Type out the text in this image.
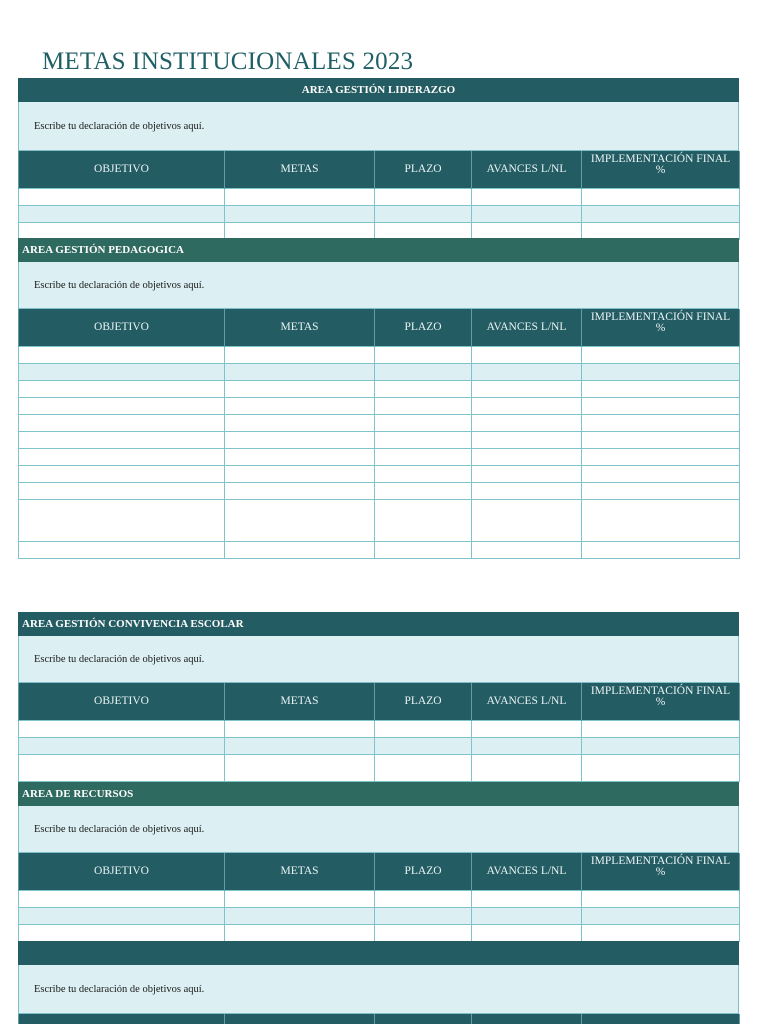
METAS INSTITUCIONALES 2023
AREA GESTIÓN LIDERAZGO
Escribe tu declaración de objetivos aquí.
OBJETIVO	METAS	PLAZO	AVANCES L/NL	IMPLEMENTACIÓN FINAL
%

AREA GESTIÓN PEDAGOGICA
Escribe tu declaración de objetivos aquí.
OBJETIVO	METAS	PLAZO	AVANCES L/NL	IMPLEMENTACIÓN FINAL
%

AREA GESTIÓN CONVIVENCIA ESCOLAR
Escribe tu declaración de objetivos aquí.
OBJETIVO	METAS	PLAZO	AVANCES L/NL	IMPLEMENTACIÓN FINAL
%

AREA DE RECURSOS
Escribe tu declaración de objetivos aquí.
OBJETIVO	METAS	PLAZO	AVANCES L/NL	IMPLEMENTACIÓN FINAL
%

Escribe tu declaración de objetivos aquí.
